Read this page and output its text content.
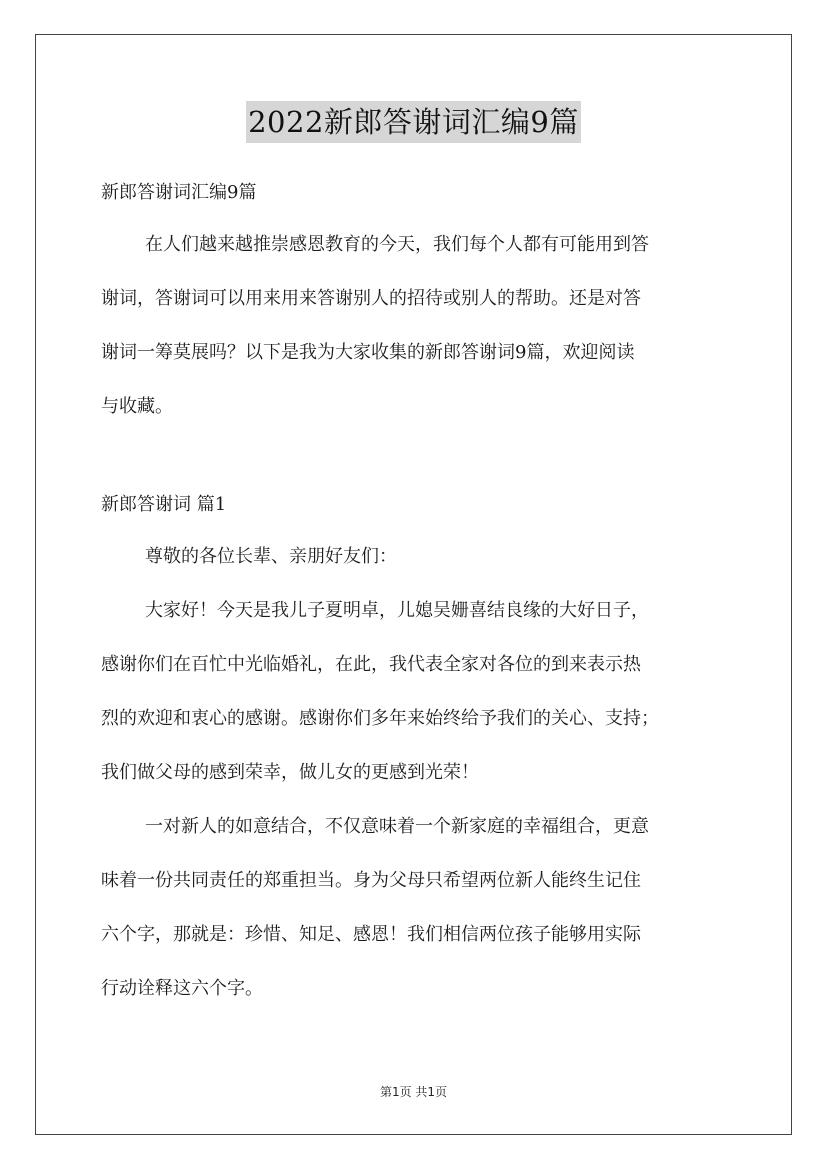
2022新郎答谢词汇编9篇

新郎答谢词汇编9篇

在人们越来越推崇感恩教育的今天，我们每个人都有可能用到答
谢词，答谢词可以用来用来答谢别人的招待或别人的帮助。还是对答
谢词一筹莫展吗？以下是我为大家收集的新郎答谢词9篇，欢迎阅读
与收藏。

新郎答谢词 篇1

尊敬的各位长辈、亲朋好友们：
大家好！今天是我儿子夏明卓，儿媳吴姗喜结良缘的大好日子，
感谢你们在百忙中光临婚礼，在此，我代表全家对各位的到来表示热
烈的欢迎和衷心的感谢。感谢你们多年来始终给予我们的关心、支持；
我们做父母的感到荣幸，做儿女的更感到光荣！
一对新人的如意结合，不仅意味着一个新家庭的幸福组合，更意
味着一份共同责任的郑重担当。身为父母只希望两位新人能终生记住
六个字，那就是：珍惜、知足、感恩！我们相信两位孩子能够用实际
行动诠释这六个字。
第1页 共1页
